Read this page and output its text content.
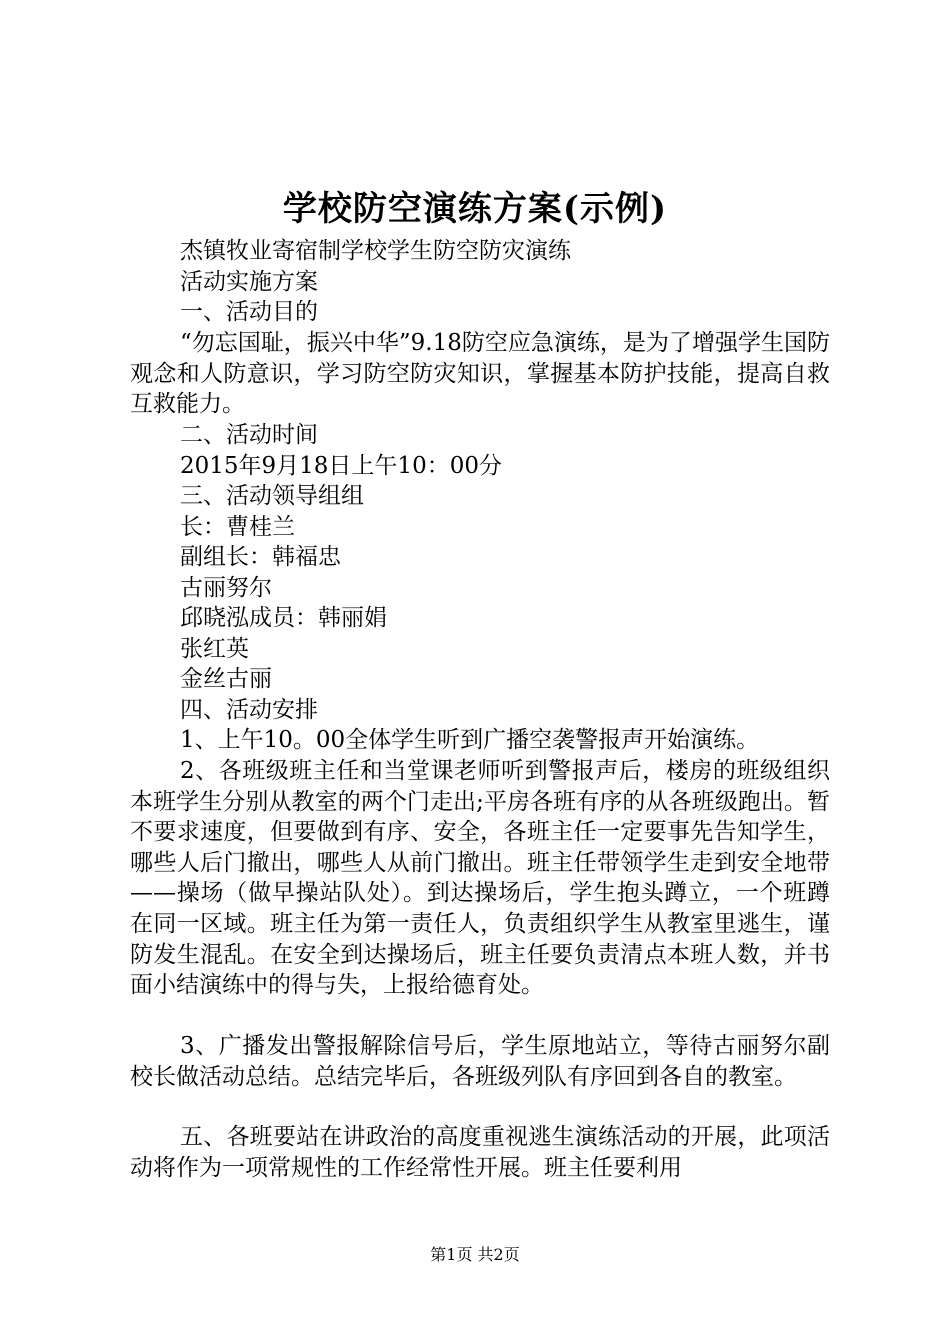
学校防空演练方案(示例)
杰镇牧业寄宿制学校学生防空防灾演练
活动实施方案
一、活动目的
“勿忘国耻，振兴中华”9.18防空应急演练，是为了增强学生国防观念和人防意识，学习防空防灾知识，掌握基本防护技能，提高自救互救能力。
二、活动时间
2015年9月18日上午10：00分
三、活动领导组组
长：曹桂兰
副组长：韩福忠
古丽努尔
邱晓泓成员：韩丽娟
张红英
金丝古丽
四、活动安排
1、上午10。00全体学生听到广播空袭警报声开始演练。
2、各班级班主任和当堂课老师听到警报声后，楼房的班级组织本班学生分别从教室的两个门走出;平房各班有序的从各班级跑出。暂不要求速度，但要做到有序、安全，各班主任一定要事先告知学生，哪些人后门撤出，哪些人从前门撤出。班主任带领学生走到安全地带——操场（做早操站队处）。到达操场后，学生抱头蹲立，一个班蹲在同一区域。班主任为第一责任人，负责组织学生从教室里逃生，谨防发生混乱。在安全到达操场后，班主任要负责清点本班人数，并书面小结演练中的得与失，上报给德育处。
3、广播发出警报解除信号后，学生原地站立，等待古丽努尔副校长做活动总结。总结完毕后，各班级列队有序回到各自的教室。
五、各班要站在讲政治的高度重视逃生演练活动的开展，此项活动将作为一项常规性的工作经常性开展。班主任要利用
第1页 共2页
